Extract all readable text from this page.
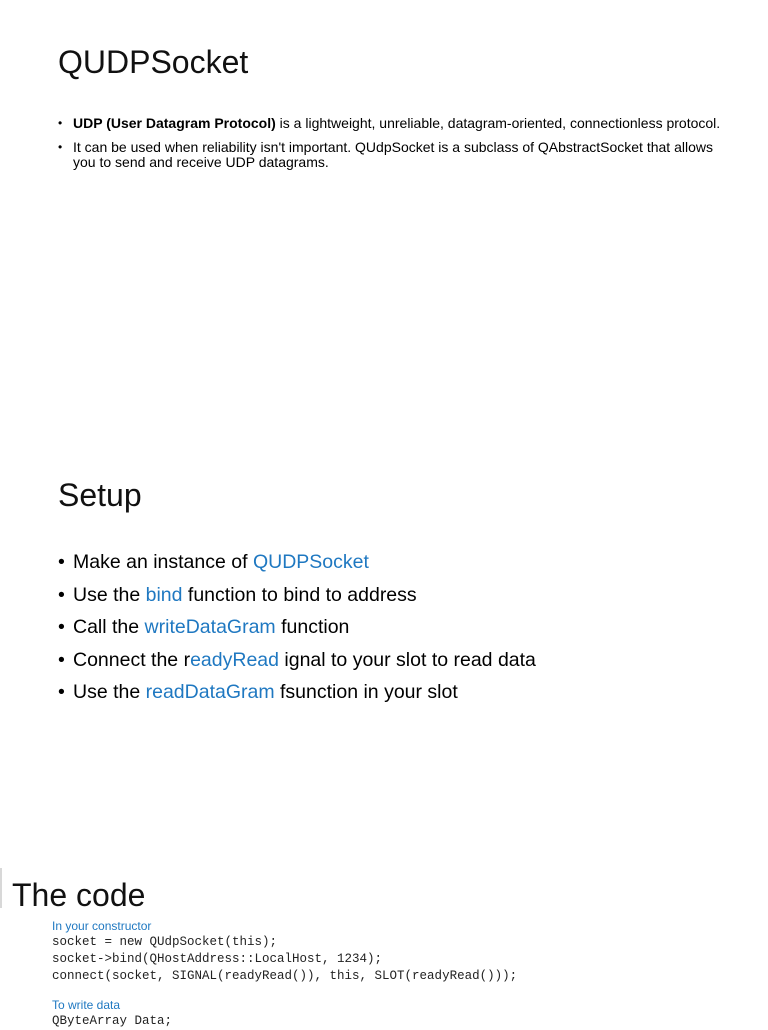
QUDPSocket
• UDP (User Datagram Protocol) is a lightweight, unreliable, datagram-oriented, connectionless protocol.
• It can be used when reliability isn't important. QUdpSocket is a subclass of QAbstractSocket that allows you to send and receive UDP datagrams.
Setup
• Make an instance of QUDPSocket
• Use the bind function to bind to address
• Call the writeDataGram function
• Connect the readyRead ignal to your slot to read data
• Use the readDataGram fsunction in your slot
The code

In your constructor

socket = new QUdpSocket(this);

socket->bind(QHostAddress::LocalHost, 1234);

connect(socket, SIGNAL(readyRead()), this, SLOT(readyRead()));

To write data

QByteArray Data;
